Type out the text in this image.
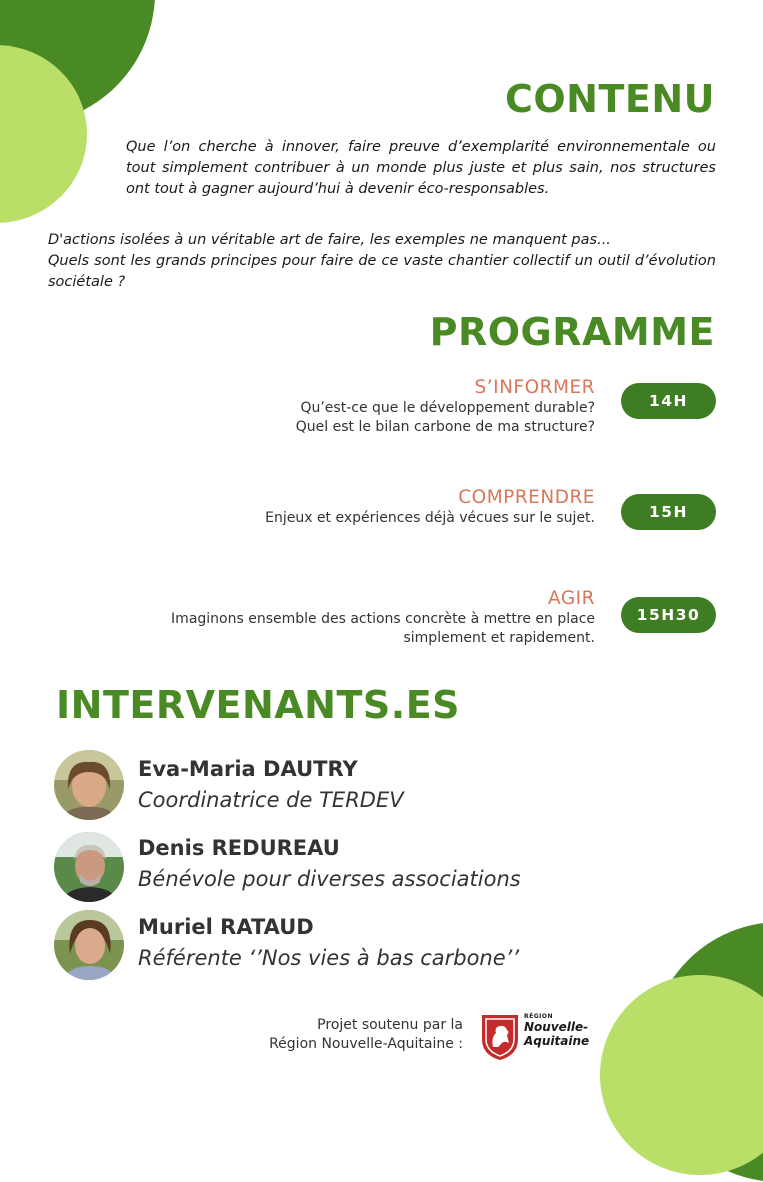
CONTENU

Que l’on cherche à innover, faire preuve d’exemplarité environnementale ou tout simplement contribuer à un monde plus juste et plus sain, nos structures ont tout à gagner aujourd’hui à devenir éco-responsables.

D'actions isolées à un véritable art de faire, les exemples ne manquent pas...
Quels sont les grands principes pour faire de ce vaste chantier collectif un outil d’évolution sociétale ?
PROGRAMME
S’INFORMER
Qu’est-ce que le développement durable?
Quel est le bilan carbone de ma structure?
14H
COMPRENDRE
Enjeux et expériences déjà vécues sur le sujet.	15H
AGIR
Imaginons ensemble des actions concrète à mettre en place
simplement et rapidement.
15H30
INTERVENANTS.ES
Eva-Maria DAUTRY
Coordinatrice de TERDEV
Denis REDUREAU
Bénévole pour diverses associations
Muriel RATAUD
Référente ‘’Nos vies à bas carbone’’
Projet soutenu par la
Région Nouvelle-Aquitaine :
RÉGION
Nouvelle-
Aquitaine
